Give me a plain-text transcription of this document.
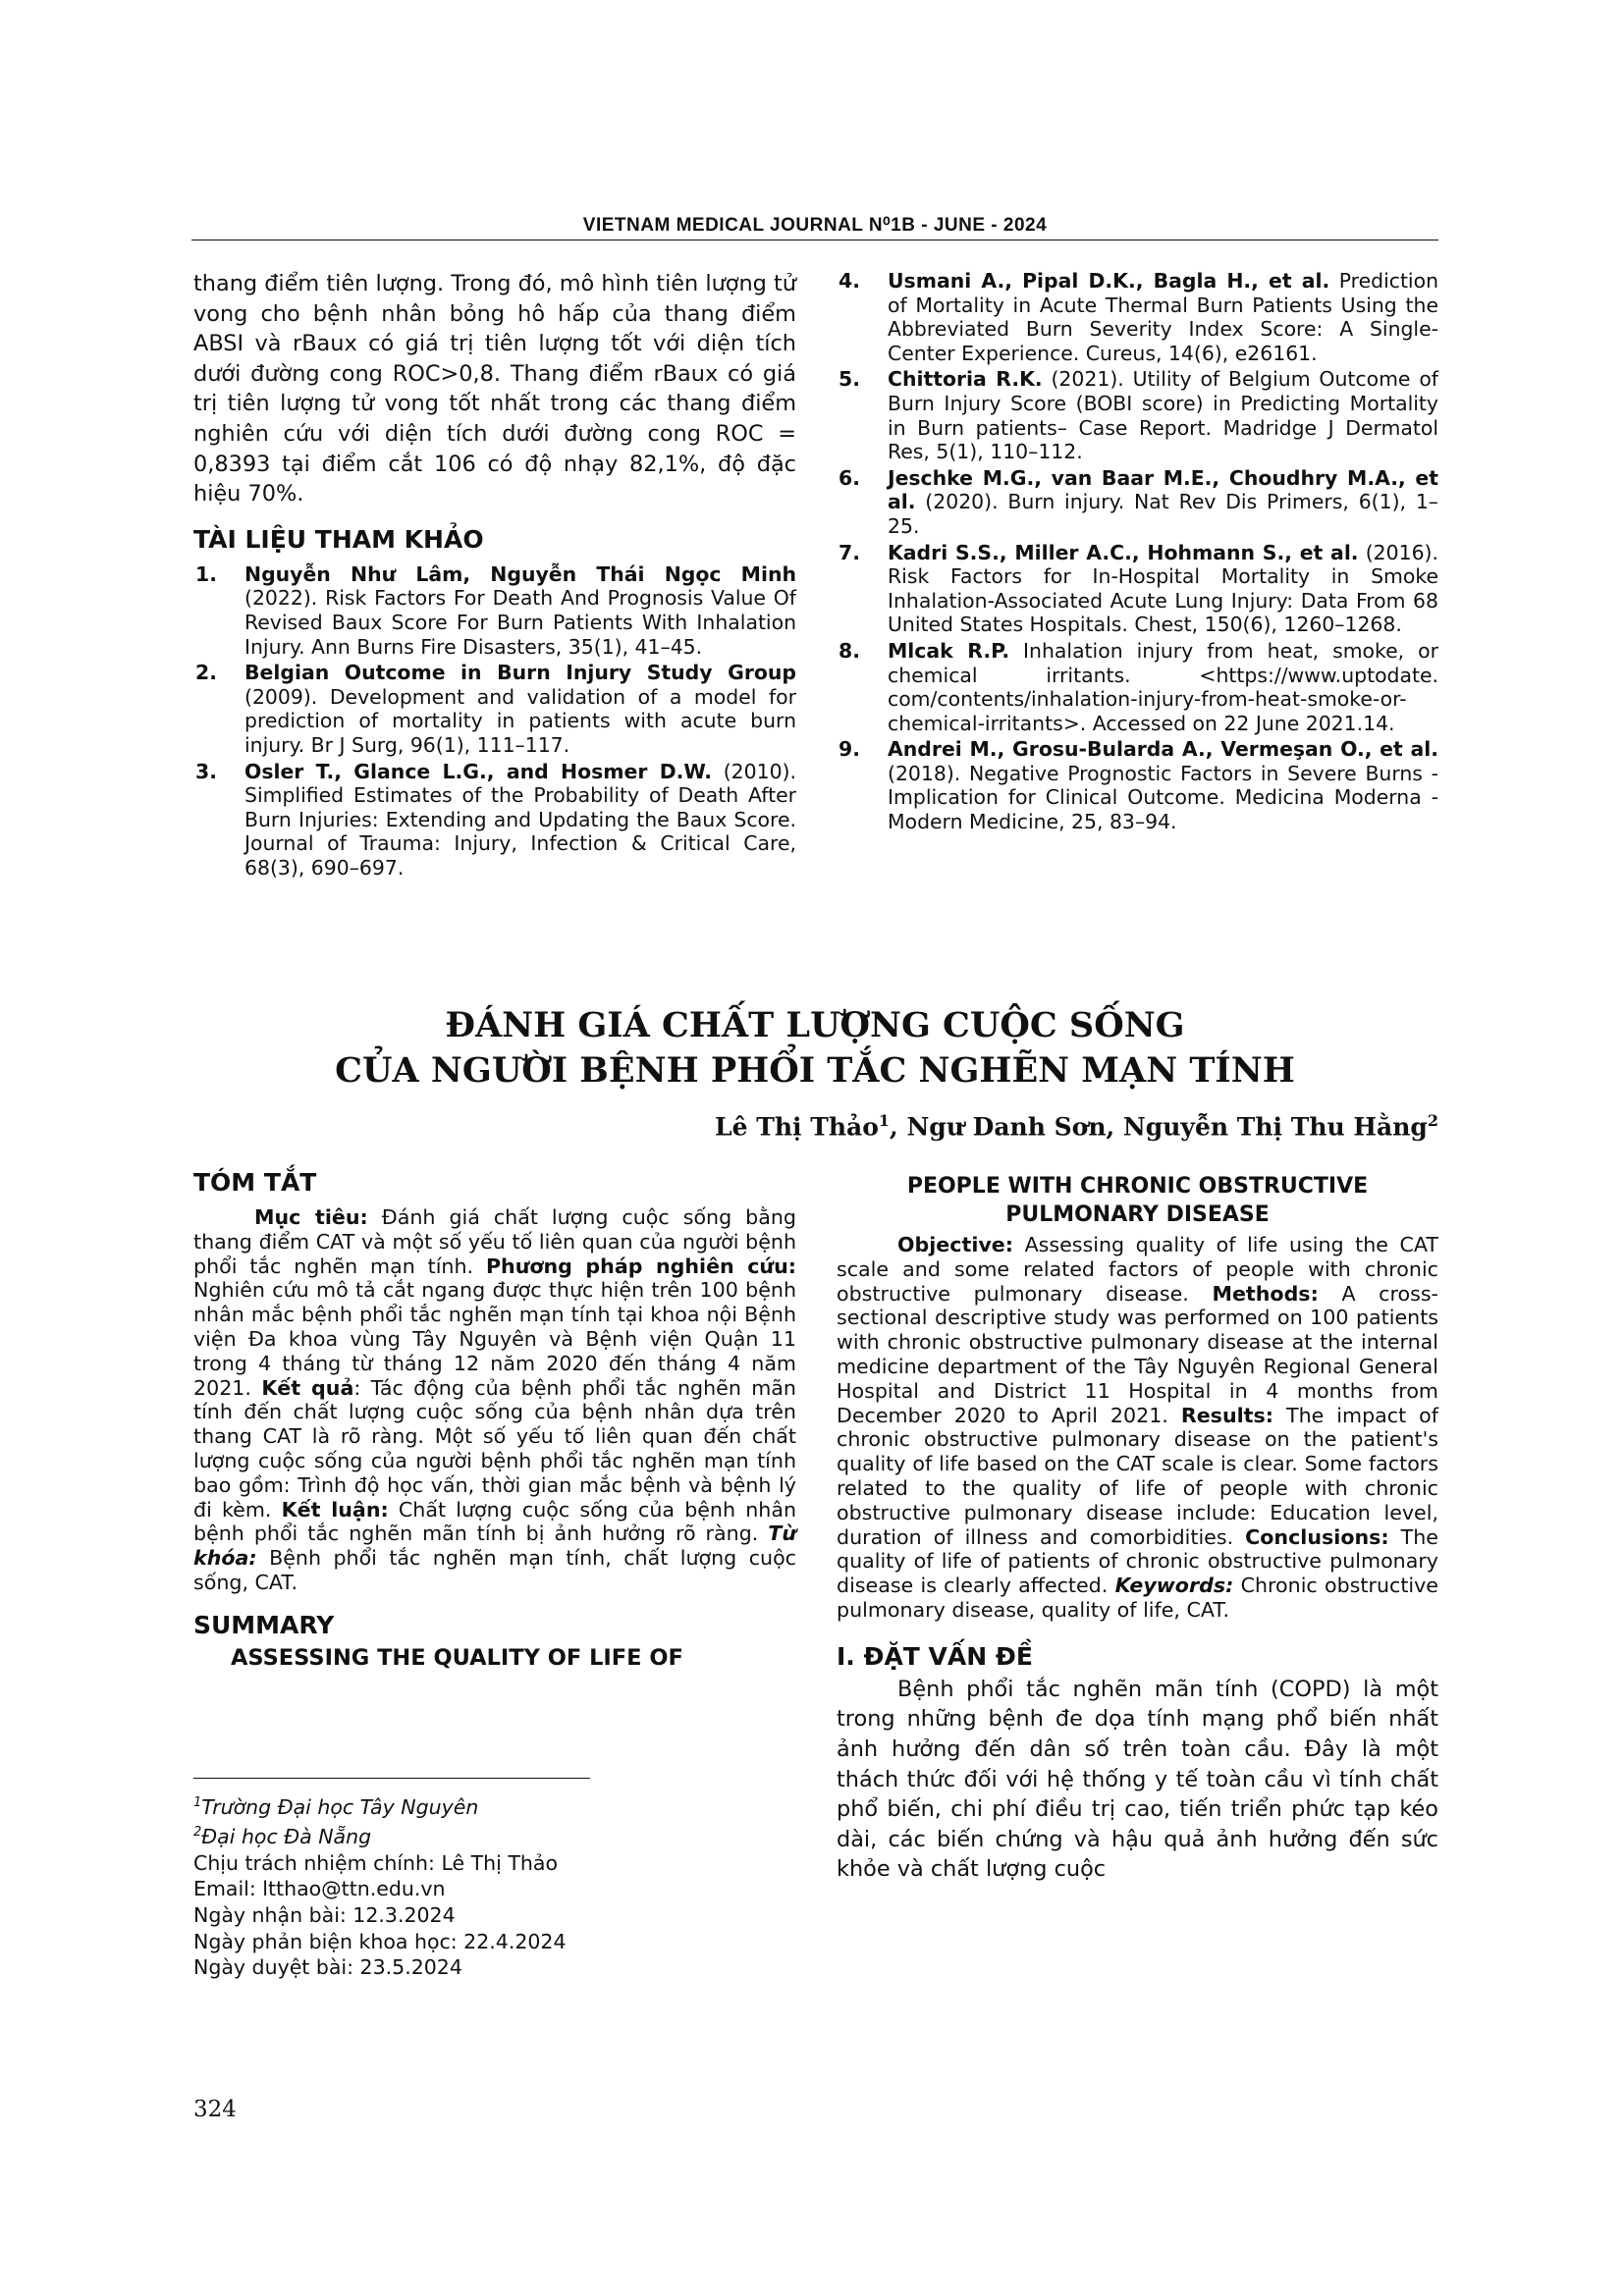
VIETNAM MEDICAL JOURNAL N⁰1B - JUNE - 2024

thang điểm tiên lượng. Trong đó, mô hình tiên lượng tử vong cho bệnh nhân bỏng hô hấp của thang điểm ABSI và rBaux có giá trị tiên lượng tốt với diện tích dưới đường cong ROC>0,8. Thang điểm rBaux có giá trị tiên lượng tử vong tốt nhất trong các thang điểm nghiên cứu với diện tích dưới đường cong ROC = 0,8393 tại điểm cắt 106 có độ nhạy 82,1%, độ đặc hiệu 70%.

TÀI LIỆU THAM KHẢO
1. Nguyễn Như Lâm, Nguyễn Thái Ngọc Minh (2022). Risk Factors For Death And Prognosis Value Of Revised Baux Score For Burn Patients With Inhalation Injury. Ann Burns Fire Disasters, 35(1), 41–45.
2. Belgian Outcome in Burn Injury Study Group (2009). Development and validation of a model for prediction of mortality in patients with acute burn injury. Br J Surg, 96(1), 111–117.
3. Osler T., Glance L.G., and Hosmer D.W. (2010). Simplified Estimates of the Probability of Death After Burn Injuries: Extending and Updating the Baux Score. Journal of Trauma: Injury, Infection & Critical Care, 68(3), 690–697.
4. Usmani A., Pipal D.K., Bagla H., et al. Prediction of Mortality in Acute Thermal Burn Patients Using the Abbreviated Burn Severity Index Score: A Single-Center Experience. Cureus, 14(6), e26161.
5. Chittoria R.K. (2021). Utility of Belgium Outcome of Burn Injury Score (BOBI score) in Predicting Mortality in Burn patients– Case Report. Madridge J Dermatol Res, 5(1), 110–112.
6. Jeschke M.G., van Baar M.E., Choudhry M.A., et al. (2020). Burn injury. Nat Rev Dis Primers, 6(1), 1–25.
7. Kadri S.S., Miller A.C., Hohmann S., et al. (2016). Risk Factors for In-Hospital Mortality in Smoke Inhalation-Associated Acute Lung Injury: Data From 68 United States Hospitals. Chest, 150(6), 1260–1268.
8. Mlcak R.P. Inhalation injury from heat, smoke, or chemical irritants. <https://www.uptodate. com/contents/inhalation-injury-from-heat-smoke-or-chemical-irritants>. Accessed on 22 June 2021.14.
9. Andrei M., Grosu-Bularda A., Vermeşan O., et al. (2018). Negative Prognostic Factors in Severe Burns - Implication for Clinical Outcome. Medicina Moderna - Modern Medicine, 25, 83–94.
ĐÁNH GIÁ CHẤT LƯỢNG CUỘC SỐNG
CỦA NGƯỜI BỆNH PHỔI TẮC NGHẼN MẠN TÍNH
Lê Thị Thảo$^1$, Ngư Danh Sơn, Nguyễn Thị Thu Hằng$^2$
TÓM TẮT

Mục tiêu: Đánh giá chất lượng cuộc sống bằng thang điểm CAT và một số yếu tố liên quan của người bệnh phổi tắc nghẽn mạn tính. Phương pháp nghiên cứu: Nghiên cứu mô tả cắt ngang được thực hiện trên 100 bệnh nhân mắc bệnh phổi tắc nghẽn mạn tính tại khoa nội Bệnh viện Đa khoa vùng Tây Nguyên và Bệnh viện Quận 11 trong 4 tháng từ tháng 12 năm 2020 đến tháng 4 năm 2021. Kết quả: Tác động của bệnh phổi tắc nghẽn mãn tính đến chất lượng cuộc sống của bệnh nhân dựa trên thang CAT là rõ ràng. Một số yếu tố liên quan đến chất lượng cuộc sống của người bệnh phổi tắc nghẽn mạn tính bao gồm: Trình độ học vấn, thời gian mắc bệnh và bệnh lý đi kèm. Kết luận: Chất lượng cuộc sống của bệnh nhân bệnh phổi tắc nghẽn mãn tính bị ảnh hưởng rõ ràng. Từ khóa: Bệnh phổi tắc nghẽn mạn tính, chất lượng cuộc sống, CAT.

SUMMARY
ASSESSING THE QUALITY OF LIFE OF
$^1$Trường Đại học Tây Nguyên
$^2$Đại học Đà Nẵng
Chịu trách nhiệm chính: Lê Thị Thảo
Email: ltthao@ttn.edu.vn
Ngày nhận bài: 12.3.2024
Ngày phản biện khoa học: 22.4.2024
Ngày duyệt bài: 23.5.2024
PEOPLE WITH CHRONIC OBSTRUCTIVE PULMONARY DISEASE

Objective: Assessing quality of life using the CAT scale and some related factors of people with chronic obstructive pulmonary disease. Methods: A cross-sectional descriptive study was performed on 100 patients with chronic obstructive pulmonary disease at the internal medicine department of the Tây Nguyên Regional General Hospital and District 11 Hospital in 4 months from December 2020 to April 2021. Results: The impact of chronic obstructive pulmonary disease on the patient's quality of life based on the CAT scale is clear. Some factors related to the quality of life of people with chronic obstructive pulmonary disease include: Education level, duration of illness and comorbidities. Conclusions: The quality of life of patients of chronic obstructive pulmonary disease is clearly affected. Keywords: Chronic obstructive pulmonary disease, quality of life, CAT.

I. ĐẶT VẤN ĐỀ

Bệnh phổi tắc nghẽn mãn tính (COPD) là một trong những bệnh đe dọa tính mạng phổ biến nhất ảnh hưởng đến dân số trên toàn cầu. Đây là một thách thức đối với hệ thống y tế toàn cầu vì tính chất phổ biến, chi phí điều trị cao, tiến triển phức tạp kéo dài, các biến chứng và hậu quả ảnh hưởng đến sức khỏe và chất lượng cuộc

324
